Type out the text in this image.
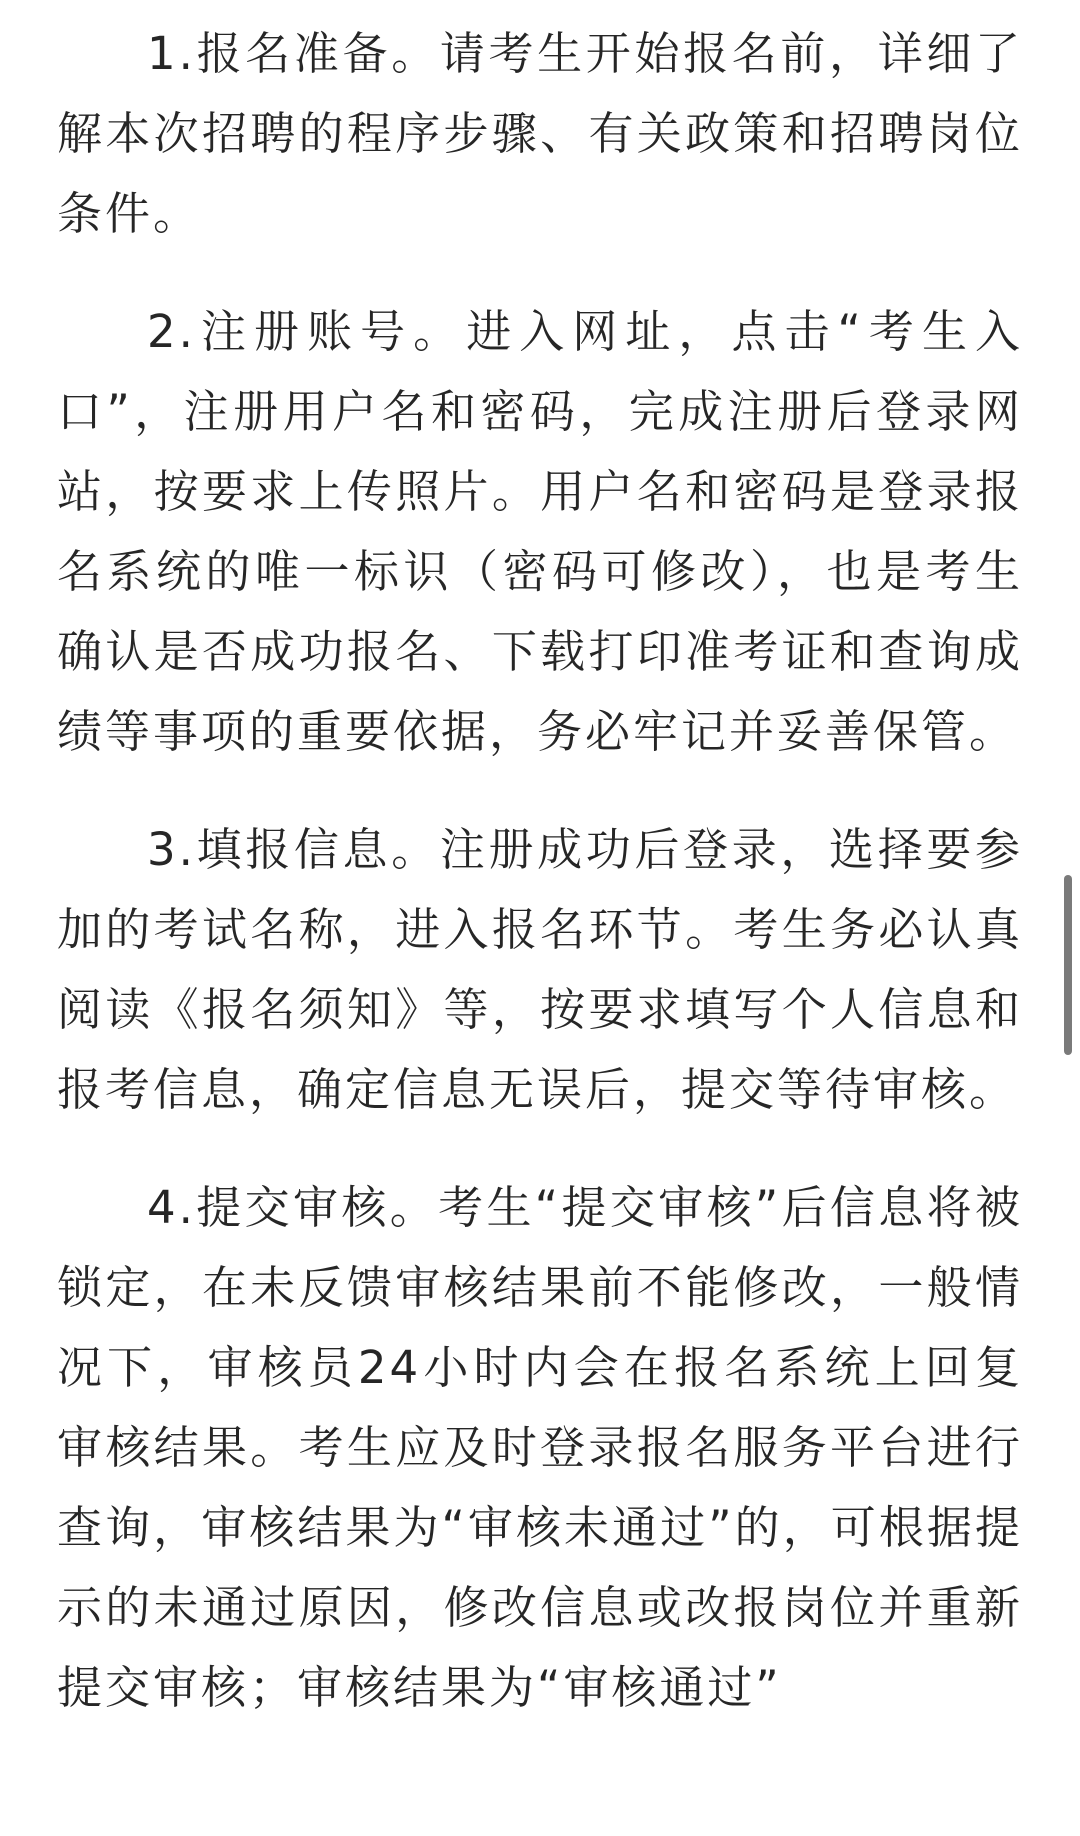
1.报名准备。请考生开始报名前，详细了解本次招聘的程序步骤、有关政策和招聘岗位条件。

2.注册账号。进入网址，点击“考生入口”，注册用户名和密码，完成注册后登录网站，按要求上传照片。用户名和密码是登录报名系统的唯一标识（密码可修改），也是考生确认是否成功报名、下载打印准考证和查询成绩等事项的重要依据，务必牢记并妥善保管。

3.填报信息。注册成功后登录，选择要参加的考试名称，进入报名环节。考生务必认真阅读《报名须知》等，按要求填写个人信息和报考信息，确定信息无误后，提交等待审核。

4.提交审核。考生“提交审核”后信息将被锁定，在未反馈审核结果前不能修改，一般情况下，审核员24小时内会在报名系统上回复审核结果。考生应及时登录报名服务平台进行查询，审核结果为“审核未通过”的，可根据提示的未通过原因，修改信息或改报岗位并重新提交审核；审核结果为“审核通过”
